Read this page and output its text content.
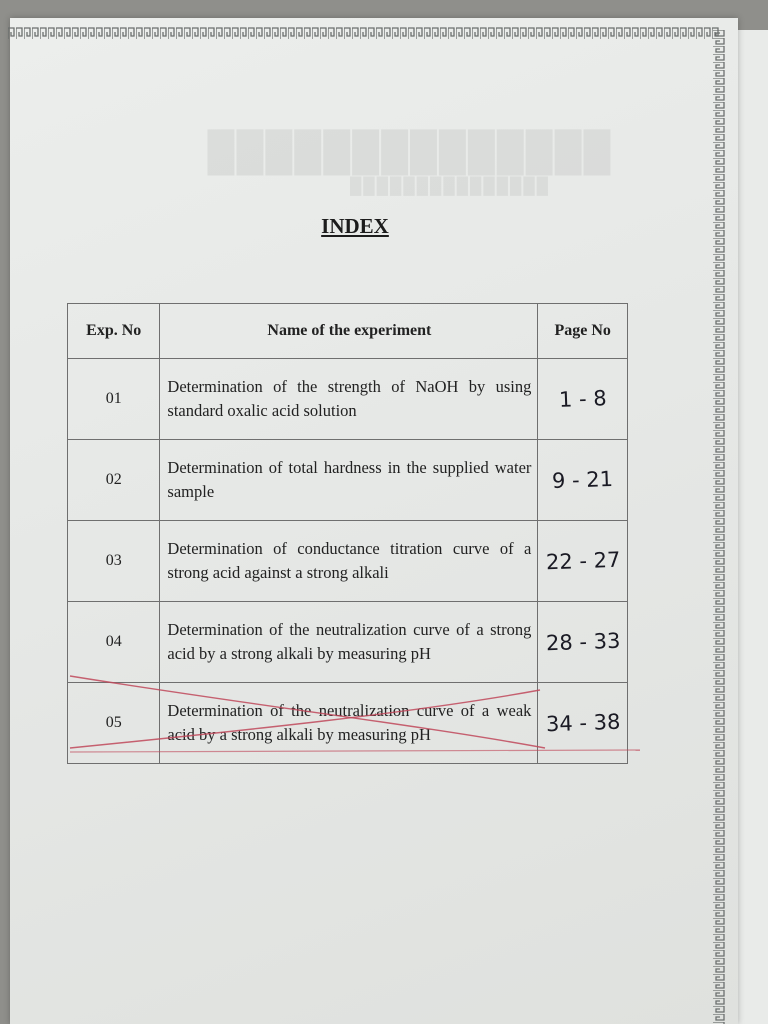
██████████████
███████████████
INDEX
Exp. No	Name of the experiment	Page No
01	Determination of the strength of NaOH by using standard oxalic acid solution	1 - 8
02	Determination of total hardness in the supplied water sample	9 - 21
03	Determination of conductance titration curve of a strong acid against a strong alkali	22 - 27
04	Determination of the neutralization curve of a strong acid by a strong alkali by measuring pH	28 - 33
05	Determination of the neutralization curve of a weak acid by a strong alkali by measuring pH	34 - 38
